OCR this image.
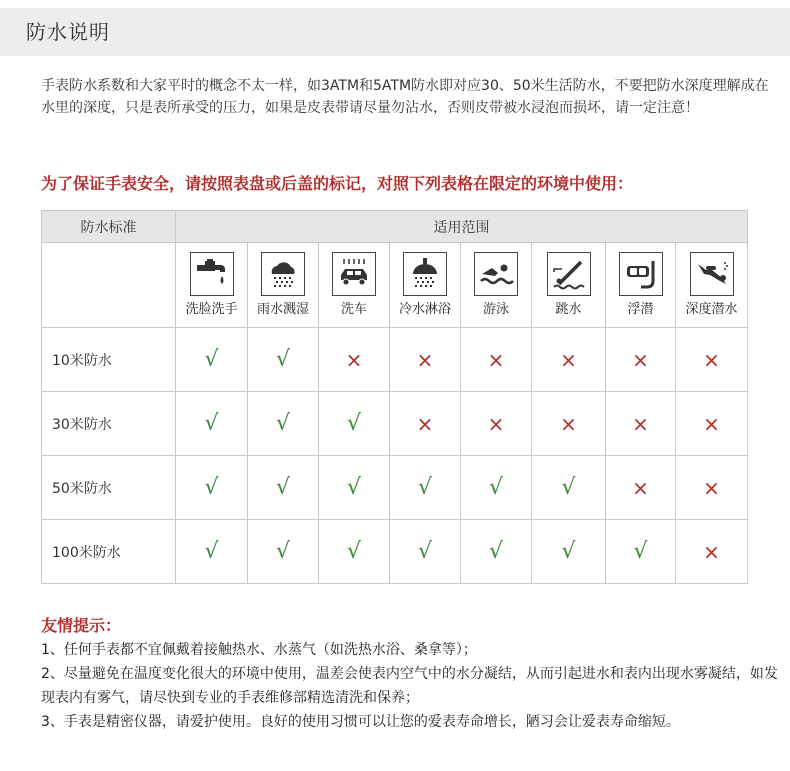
防水说明
手表防水系数和大家平时的概念不太一样，如3ATM和5ATM防水即对应30、50米生活防水，不要把防水深度理解成在水里的深度，只是表所承受的压力，如果是皮表带请尽量勿沾水，否则皮带被水浸泡而损坏，请一定注意！
为了保证手表安全，请按照表盘或后盖的标记，对照下列表格在限定的环境中使用：
防水标准	适用范围							

	洗脸洗手	雨水溅湿	洗车	冷水淋浴	游泳	跳水	浮潜	深度潜水

10米防水	√	√	×	×	×	×	×	×
30米防水	√	√	√	×	×	×	×	×
50米防水	√	√	√	√	√	√	×	×
100米防水	√	√	√	√	√	√	√	×
友情提示：

1、任何手表都不宜佩戴着接触热水、水蒸气（如洗热水浴、桑拿等）；

2、尽量避免在温度变化很大的环境中使用，温差会使表内空气中的水分凝结，从而引起进水和表内出现水雾凝结，如发现表内有雾气，请尽快到专业的手表维修部精选清洗和保养；

3、手表是精密仪器，请爱护使用。良好的使用习惯可以让您的爱表寿命增长，陋习会让爱表寿命缩短。
